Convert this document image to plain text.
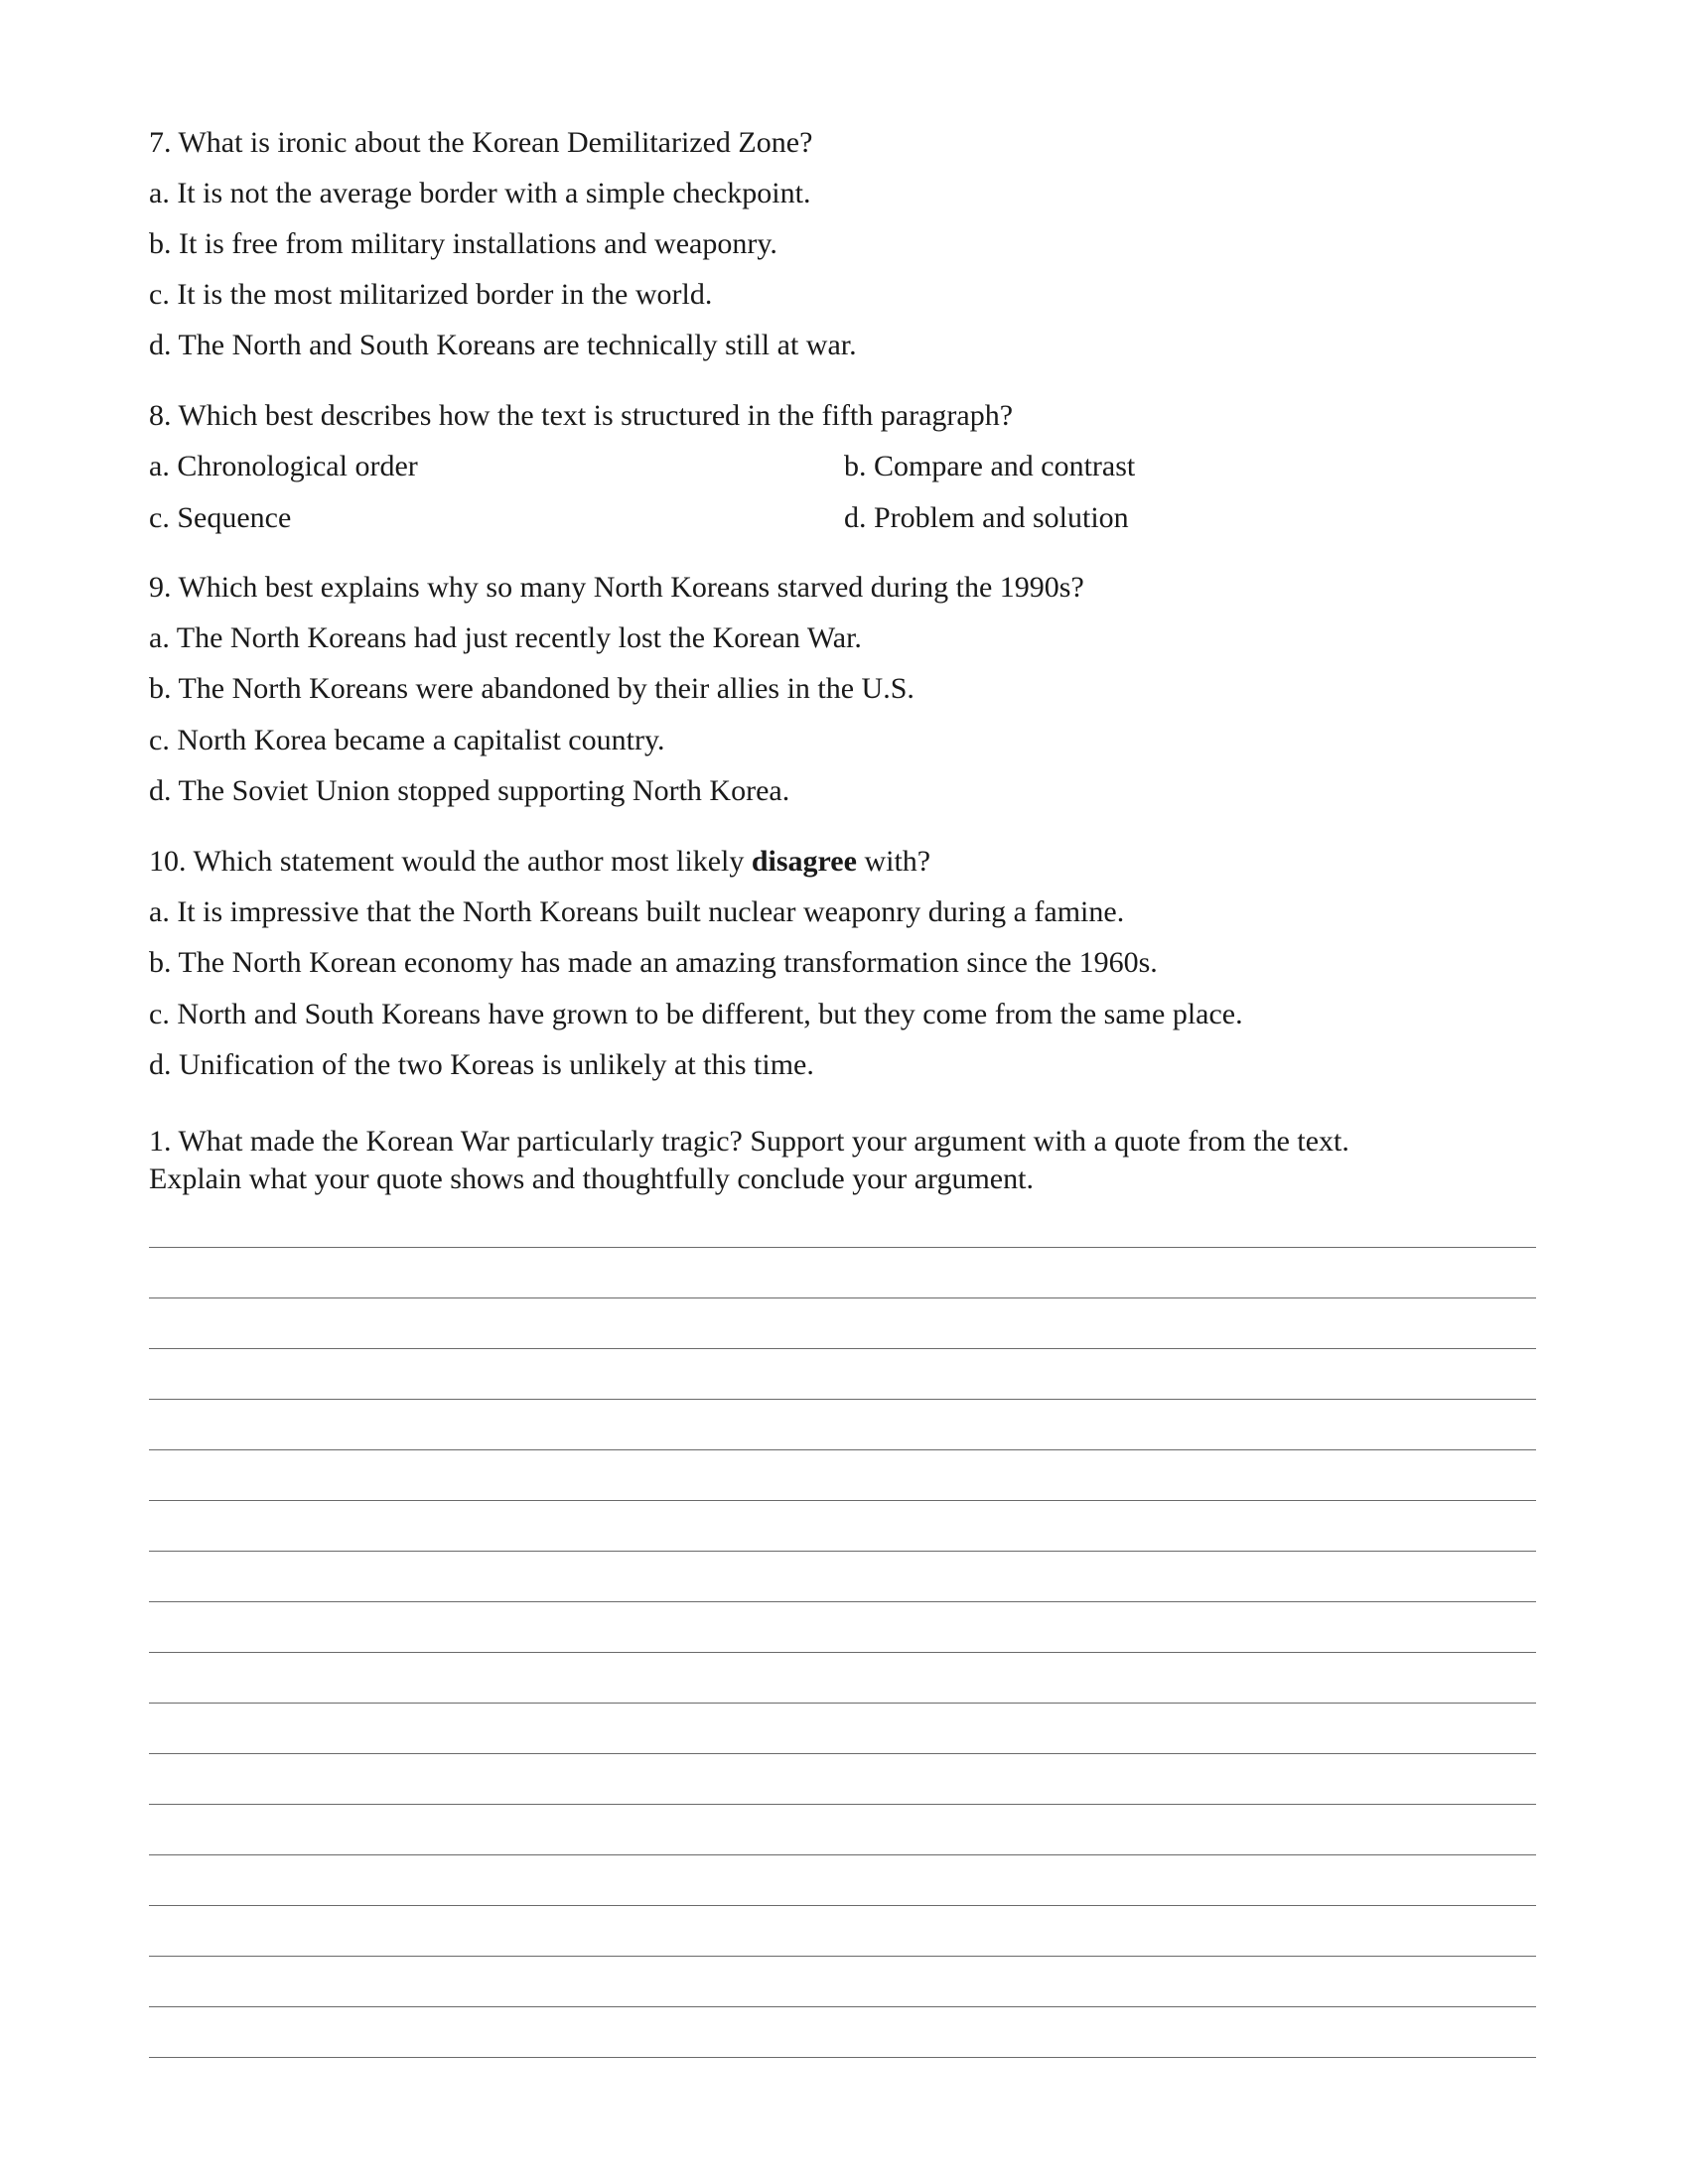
7. What is ironic about the Korean Demilitarized Zone?
a. It is not the average border with a simple checkpoint.
b. It is free from military installations and weaponry.
c. It is the most militarized border in the world.
d. The North and South Koreans are technically still at war.
8. Which best describes how the text is structured in the fifth paragraph?
a. Chronological order	b. Compare and contrast
c. Sequence	d. Problem and solution
9. Which best explains why so many North Koreans starved during the 1990s?
a. The North Koreans had just recently lost the Korean War.
b. The North Koreans were abandoned by their allies in the U.S.
c. North Korea became a capitalist country.
d. The Soviet Union stopped supporting North Korea.
10. Which statement would the author most likely disagree with?
a. It is impressive that the North Koreans built nuclear weaponry during a famine.
b. The North Korean economy has made an amazing transformation since the 1960s.
c. North and South Koreans have grown to be different, but they come from the same place.
d. Unification of the two Koreas is unlikely at this time.
1. What made the Korean War particularly tragic? Support your argument with a quote from the text.
Explain what your quote shows and thoughtfully conclude your argument.
